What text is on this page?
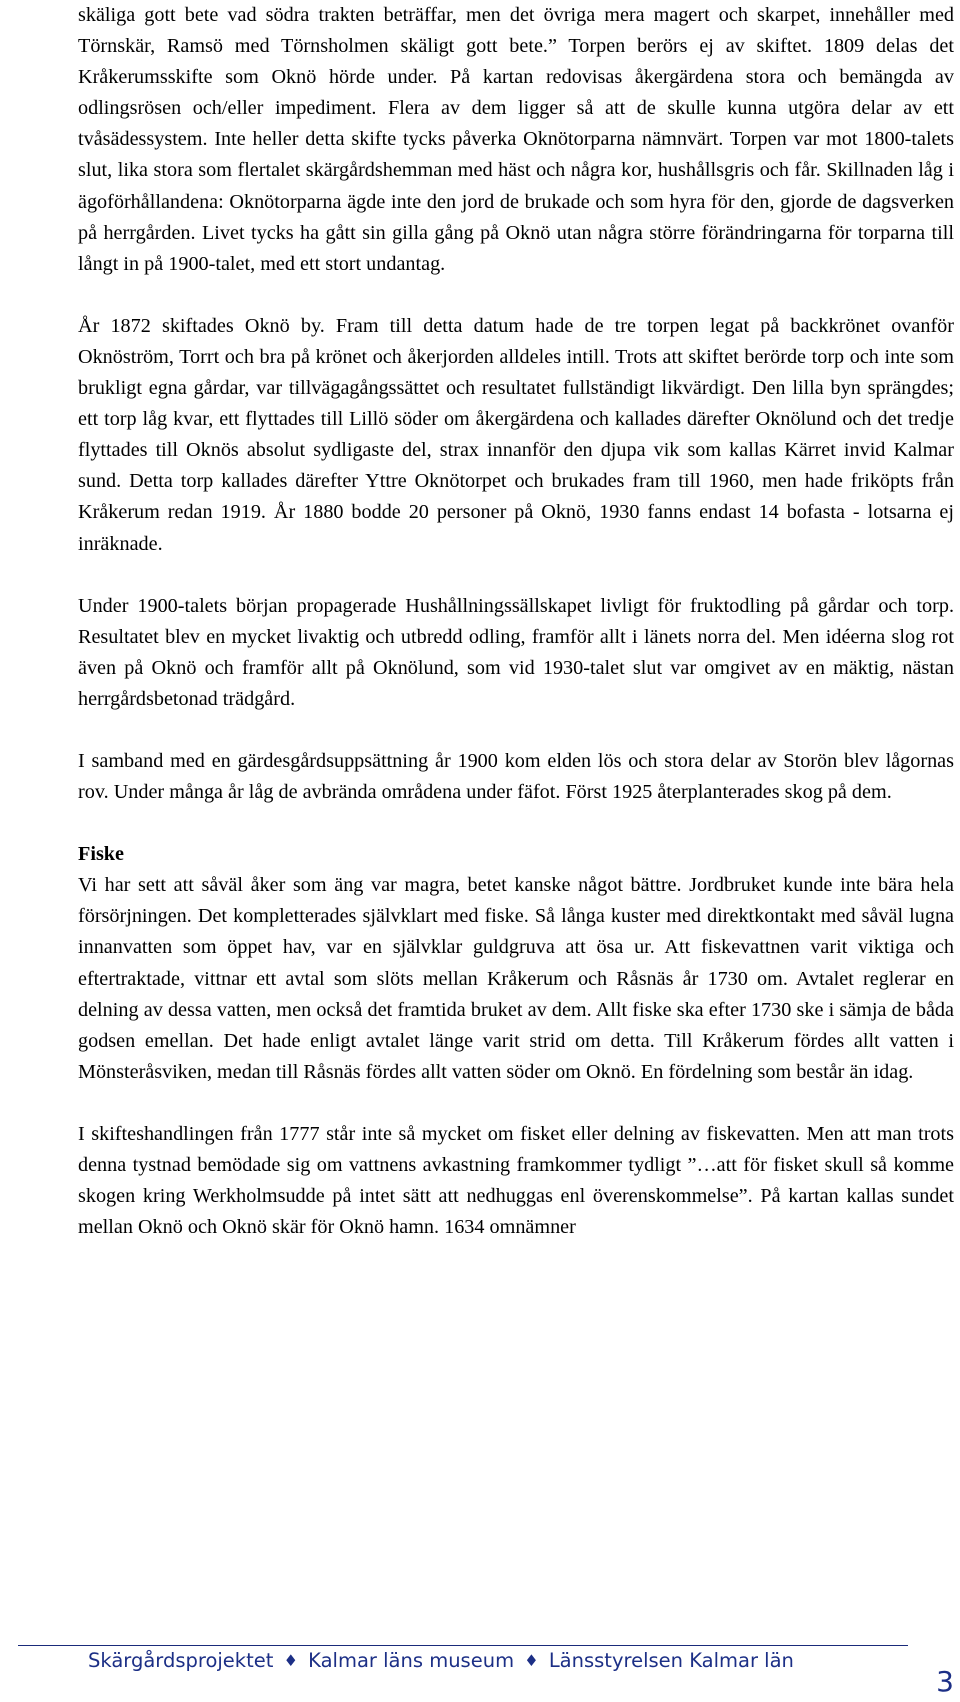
skäliga gott bete vad södra trakten beträffar, men det övriga mera magert och skarpet, innehåller med Törnskär, Ramsö med Törnsholmen skäligt gott bete.” Torpen berörs ej av skiftet. 1809 delas det Kråkerumsskifte som Oknö hörde under. På kartan redovisas åkergärdena stora och bemängda av odlingsrösen och/eller impediment. Flera av dem ligger så att de skulle kunna utgöra delar av ett tvåsädessystem. Inte heller detta skifte tycks påverka Oknötorparna nämnvärt. Torpen var mot 1800-talets slut, lika stora som flertalet skärgårdshemman med häst och några kor, hushållsgris och får. Skillnaden låg i ägoförhållandena: Oknötorparna ägde inte den jord de brukade och som hyra för den, gjorde de dagsverken på herrgården. Livet tycks ha gått sin gilla gång på Oknö utan några större förändringarna för torparna till långt in på 1900-talet, med ett stort undantag.

År 1872 skiftades Oknö by. Fram till detta datum hade de tre torpen legat på backkrönet ovanför Oknöström, Torrt och bra på krönet och åkerjorden alldeles intill. Trots att skiftet berörde torp och inte som brukligt egna gårdar, var tillvägagångssättet och resultatet fullständigt likvärdigt. Den lilla byn sprängdes; ett torp låg kvar, ett flyttades till Lillö söder om åkergärdena och kallades därefter Oknölund och det tredje flyttades till Oknös absolut sydligaste del, strax innanför den djupa vik som kallas Kärret invid Kalmar sund. Detta torp kallades därefter Yttre Oknötorpet och brukades fram till 1960, men hade friköpts från Kråkerum redan 1919. År 1880 bodde 20 personer på Oknö, 1930 fanns endast 14 bofasta - lotsarna ej inräknade.

Under 1900-talets början propagerade Hushållningssällskapet livligt för fruktodling på gårdar och torp. Resultatet blev en mycket livaktig och utbredd odling, framför allt i länets norra del. Men idéerna slog rot även på Oknö och framför allt på Oknölund, som vid 1930-talet slut var omgivet av en mäktig, nästan herrgårdsbetonad trädgård.

I samband med en gärdesgårdsuppsättning år 1900 kom elden lös och stora delar av Storön blev lågornas rov. Under många år låg de avbrända områdena under fäfot. Först 1925 återplanterades skog på dem.

Fiske

Vi har sett att såväl åker som äng var magra, betet kanske något bättre. Jordbruket kunde inte bära hela försörjningen. Det kompletterades självklart med fiske. Så långa kuster med direktkontakt med såväl lugna innanvatten som öppet hav, var en självklar guldgruva att ösa ur. Att fiskevattnen varit viktiga och eftertraktade, vittnar ett avtal som slöts mellan Kråkerum och Råsnäs år 1730 om. Avtalet reglerar en delning av dessa vatten, men också det framtida bruket av dem. Allt fiske ska efter 1730 ske i sämja de båda godsen emellan. Det hade enligt avtalet länge varit strid om detta. Till Kråkerum fördes allt vatten i Mönsteråsviken, medan till Råsnäs fördes allt vatten söder om Oknö. En fördelning som består än idag.

I skifteshandlingen från 1777 står inte så mycket om fisket eller delning av fiskevatten. Men att man trots denna tystnad bemödade sig om vattnens avkastning framkommer tydligt ”…att för fisket skull så komme skogen kring Werkholmsudde på intet sätt att nedhuggas enl överenskommelse”. På kartan kallas sundet mellan Oknö och Oknö skär för Oknö hamn. 1634 omnämner

Skärgårdsprojektet ♦ Kalmar läns museum ♦ Länsstyrelsen Kalmar län
3
